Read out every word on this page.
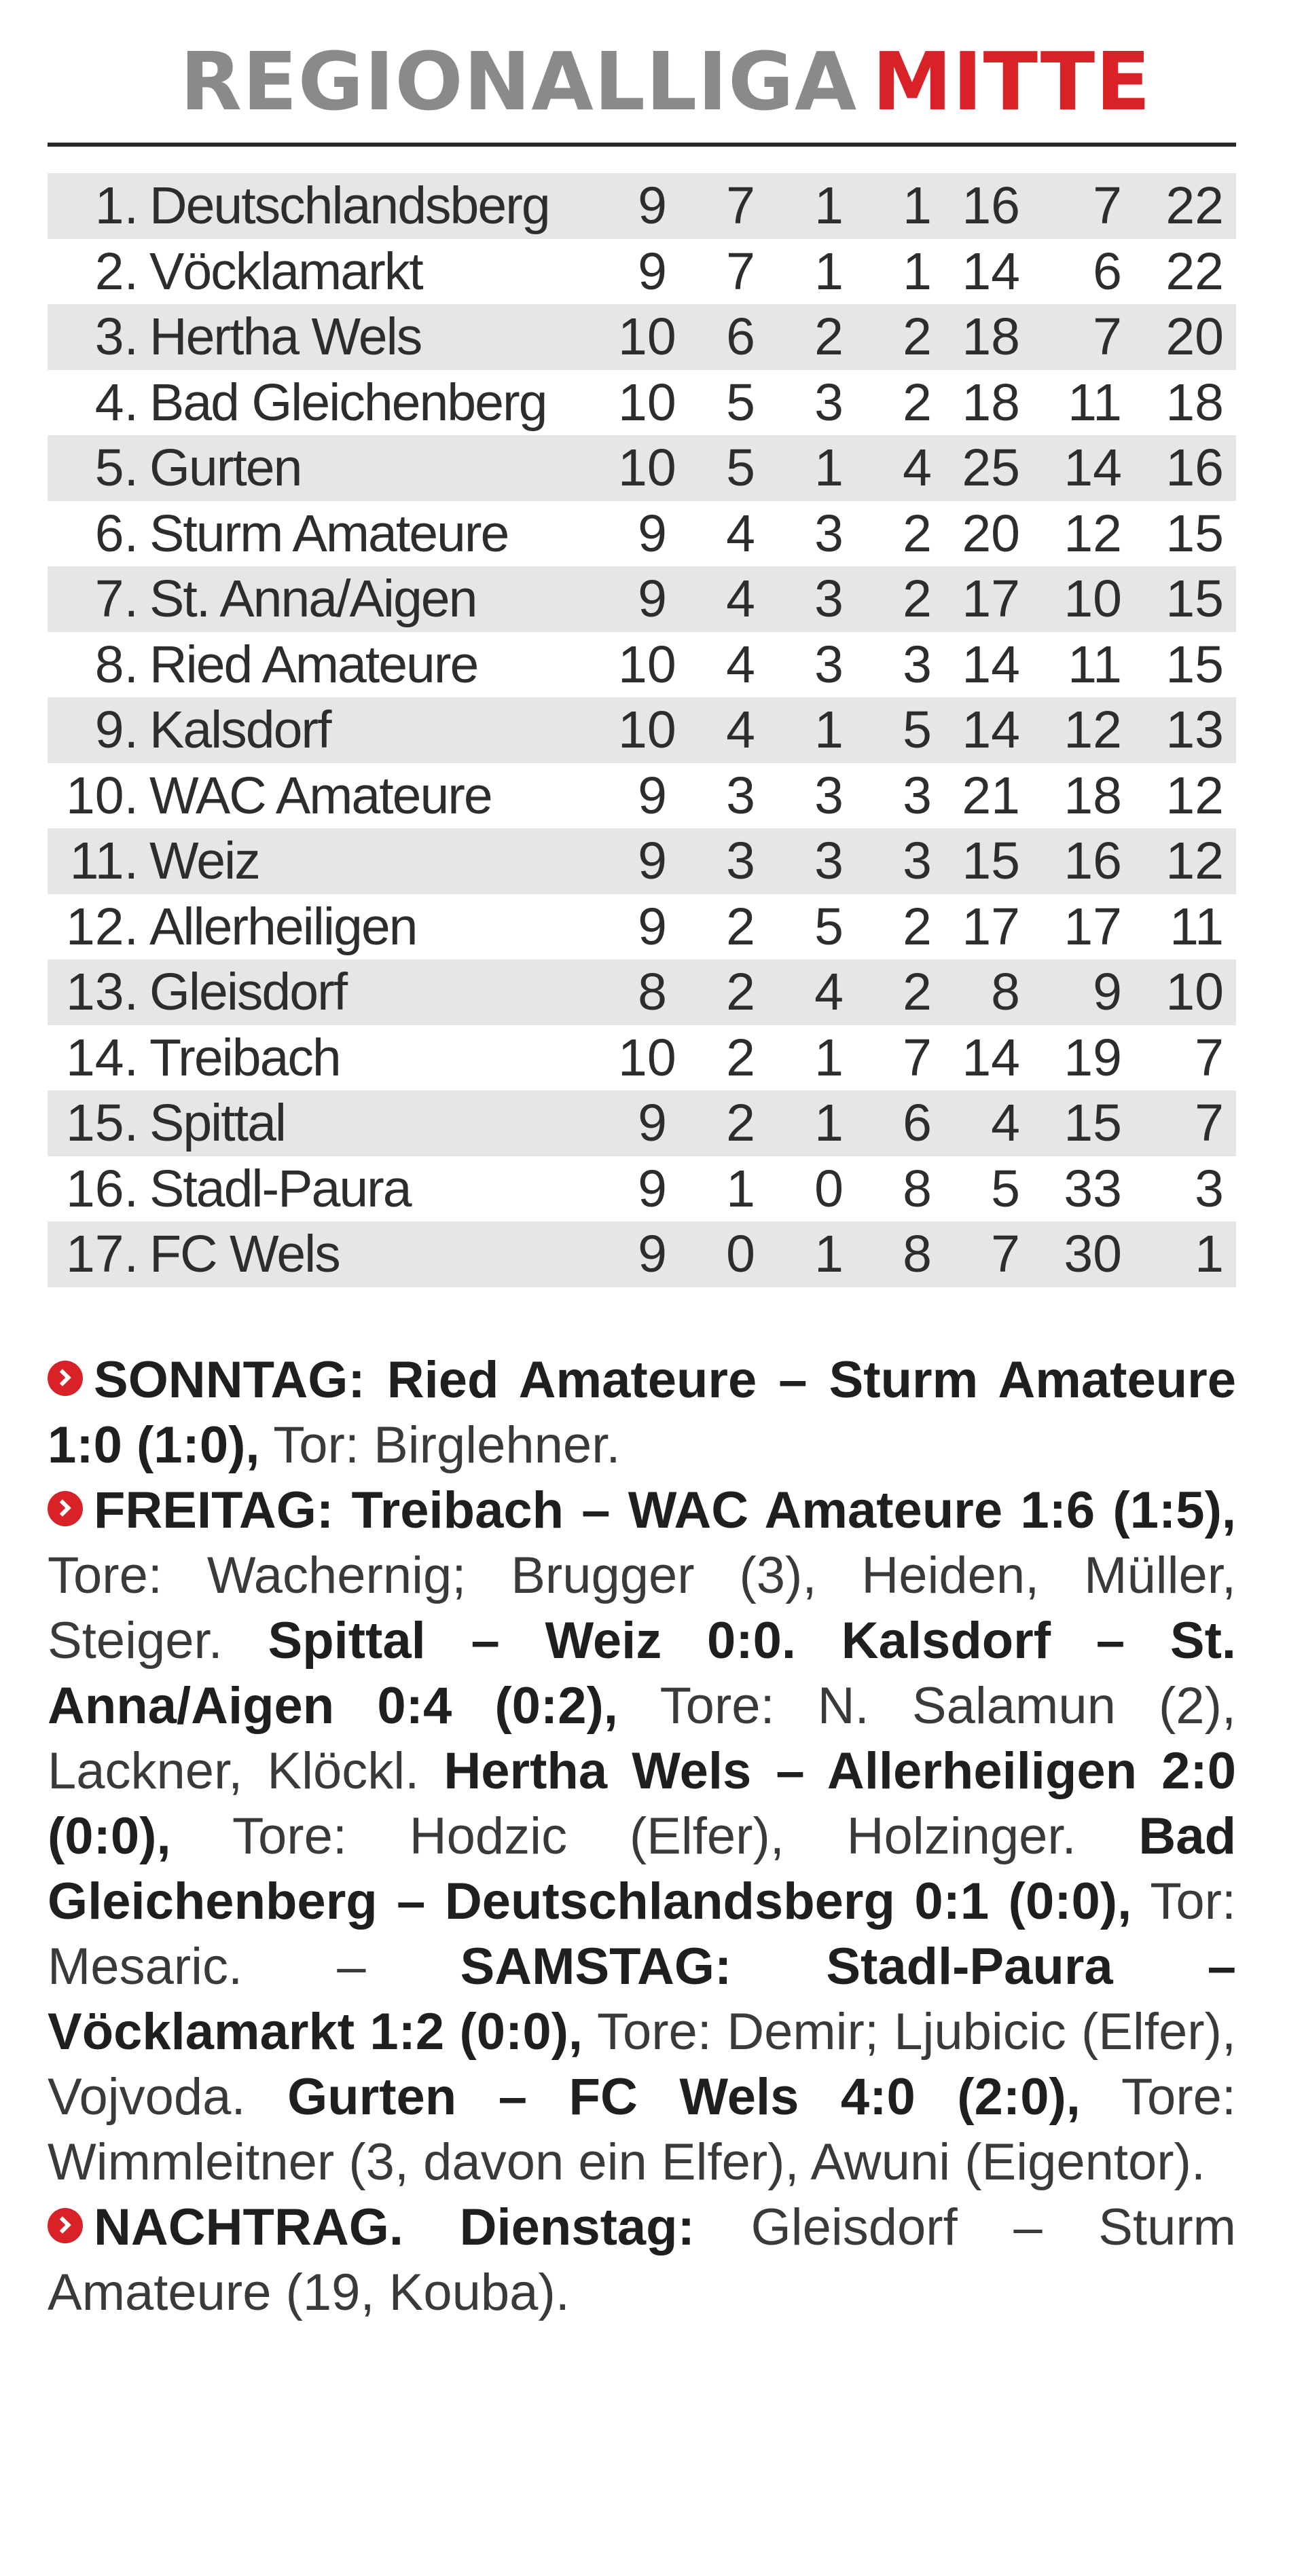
REGIONALLIGA MITTE
1.	Deutschlandsberg	9	7	1	1	16	7	22
2.	Vöcklamarkt	9	7	1	1	14	6	22
3.	Hertha Wels	10	6	2	2	18	7	20
4.	Bad Gleichenberg	10	5	3	2	18	11	18
5.	Gurten	10	5	1	4	25	14	16
6.	Sturm Amateure	9	4	3	2	20	12	15
7.	St. Anna/Aigen	9	4	3	2	17	10	15
8.	Ried Amateure	10	4	3	3	14	11	15
9.	Kalsdorf	10	4	1	5	14	12	13
10.	WAC Amateure	9	3	3	3	21	18	12
11.	Weiz	9	3	3	3	15	16	12
12.	Allerheiligen	9	2	5	2	17	17	11
13.	Gleisdorf	8	2	4	2	8	9	10
14.	Treibach	10	2	1	7	14	19	7
15.	Spittal	9	2	1	6	4	15	7
16.	Stadl-Paura	9	1	0	8	5	33	3
17.	FC Wels	9	0	1	8	7	30	1

SONNTAG: Ried Amateure – Sturm Amateure 1:0 (1:0), Tor: Birglehner.

FREITAG: Treibach – WAC Amateure 1:6 (1:5), Tore: Wachernig; Brugger (3), Heiden, Müller, Steiger. Spittal – Weiz 0:0. Kalsdorf – St. Anna/Aigen 0:4 (0:2), Tore: N. Salamun (2), Lackner, Klöckl. Hertha Wels – Allerheiligen 2:0 (0:0), Tore: Hodzic (Elfer), Holzinger. Bad Gleichenberg – Deutschlandsberg 0:1 (0:0), Tor: Mesaric. – SAMSTAG: Stadl-Paura – Vöcklamarkt 1:2 (0:0), Tore: Demir; Ljubicic (Elfer), Vojvoda. Gurten – FC Wels 4:0 (2:0), Tore: Wimmleitner (3, davon ein Elfer), Awuni (Eigentor).

NACHTRAG. Dienstag: Gleisdorf – Sturm Amateure (19, Kouba).
